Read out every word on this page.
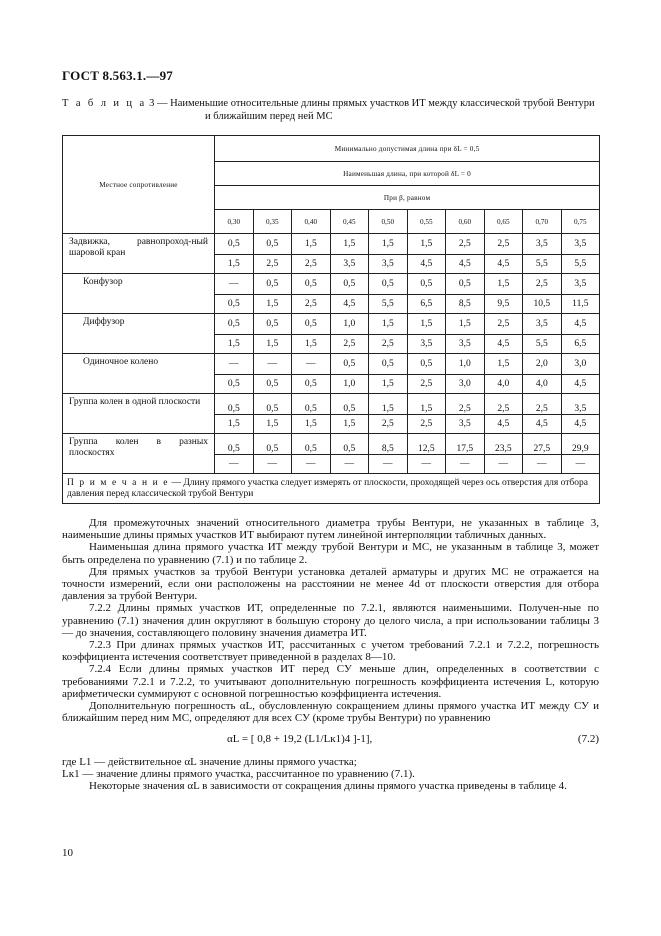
ГОСТ 8.563.1.—97
Т а б л и ц а 3 — Наименьшие относительные длины прямых участков ИТ между классической трубой Вентури
и ближайшим перед ней МС
Местное сопротивление	Минимально допустимая длина при δL = 0,5									
	Наименьшая длина, при которой δL = 0									
	При β, равном									
	0,30	0,35	0,40	0,45	0,50	0,55	0,60	0,65	0,70	0,75
Задвижка, равнопроход-ный шаровой кран	0,5	0,5	1,5	1,5	1,5	1,5	2,5	2,5	3,5	3,5
	1,5	2,5	2,5	3,5	3,5	4,5	4,5	4,5	5,5	5,5
Конфузор	—	0,5	0,5	0,5	0,5	0,5	0,5	1,5	2,5	3,5
	0,5	1,5	2,5	4,5	5,5	6,5	8,5	9,5	10,5	11,5
Диффузор	0,5	0,5	0,5	1,0	1,5	1,5	1,5	2,5	3,5	4,5
	1,5	1,5	1,5	2,5	2,5	3,5	3,5	4,5	5,5	6,5
Одиночное колено	—	—	—	0,5	0,5	0,5	1,0	1,5	2,0	3,0
	0,5	0,5	0,5	1,0	1,5	2,5	3,0	4,0	4,0	4,5
Группа колен в одной плоскости	0,5	0,5	0,5	0,5	1,5	1,5	2,5	2,5	2,5	3,5
	1,5	1,5	1,5	1,5	2,5	2,5	3,5	4,5	4,5	4,5
Группа колен в разных плоскостях	0,5	0,5	0,5	0,5	8,5	12,5	17,5	23,5	27,5	29,9
	—	—	—	—	—	—	—	—	—	—
П р и м е ч а н и е — Длину прямого участка следует измерять от плоскости, проходящей через ось отверстия для отбора давления перед классической трубой Вентури										

Для промежуточных значений относительного диаметра трубы Вентури, не указанных в таблице 3, наименьшие длины прямых участков ИТ выбирают путем линейной интерполяции табличных данных.

Наименьшая длина прямого участка ИТ между трубой Вентури и МС, не указанным в таблице 3, может быть определена по уравнению (7.1) и по таблице 2.

Для прямых участков за трубой Вентури установка деталей арматуры и других МС не отражается на точности измерений, если они расположены на расстоянии не менее 4d от плоскости отверстия для отбора давления за трубой Вентури.

7.2.2 Длины прямых участков ИТ, определенные по 7.2.1, являются наименьшими. Получен-ные по уравнению (7.1) значения длин округляют в большую сторону до целого числа, а при использовании таблицы 3 — до значения, составляющего половину значения диаметра ИТ.

7.2.3 При длинах прямых участков ИТ, рассчитанных с учетом требований 7.2.1 и 7.2.2, погрешность коэффициента истечения соответствует приведенной в разделах 8—10.

7.2.4 Если длины прямых участков ИТ перед СУ меньше длин, определенных в соответствии с требованиями 7.2.1 и 7.2.2, то учитывают дополнительную погрешность коэффициента истечения L, которую арифметически суммируют с основной погрешностью коэффициента истечения.

Дополнительную погрешность αL, обусловленную сокращением длины прямого участка ИТ между СУ и ближайшим перед ним МС, определяют для всех СУ (кроме трубы Вентури) по уравнению

αL = [ 0,8 + 19,2 (L1/Lк1)4 ]-1],	(7.2)

где L1 — действительное αL значение длины прямого участка;

Lк1 — значение длины прямого участка, рассчитанное по уравнению (7.1).

Некоторые значения αL в зависимости от сокращения длины прямого участка приведены в таблице 4.

10
